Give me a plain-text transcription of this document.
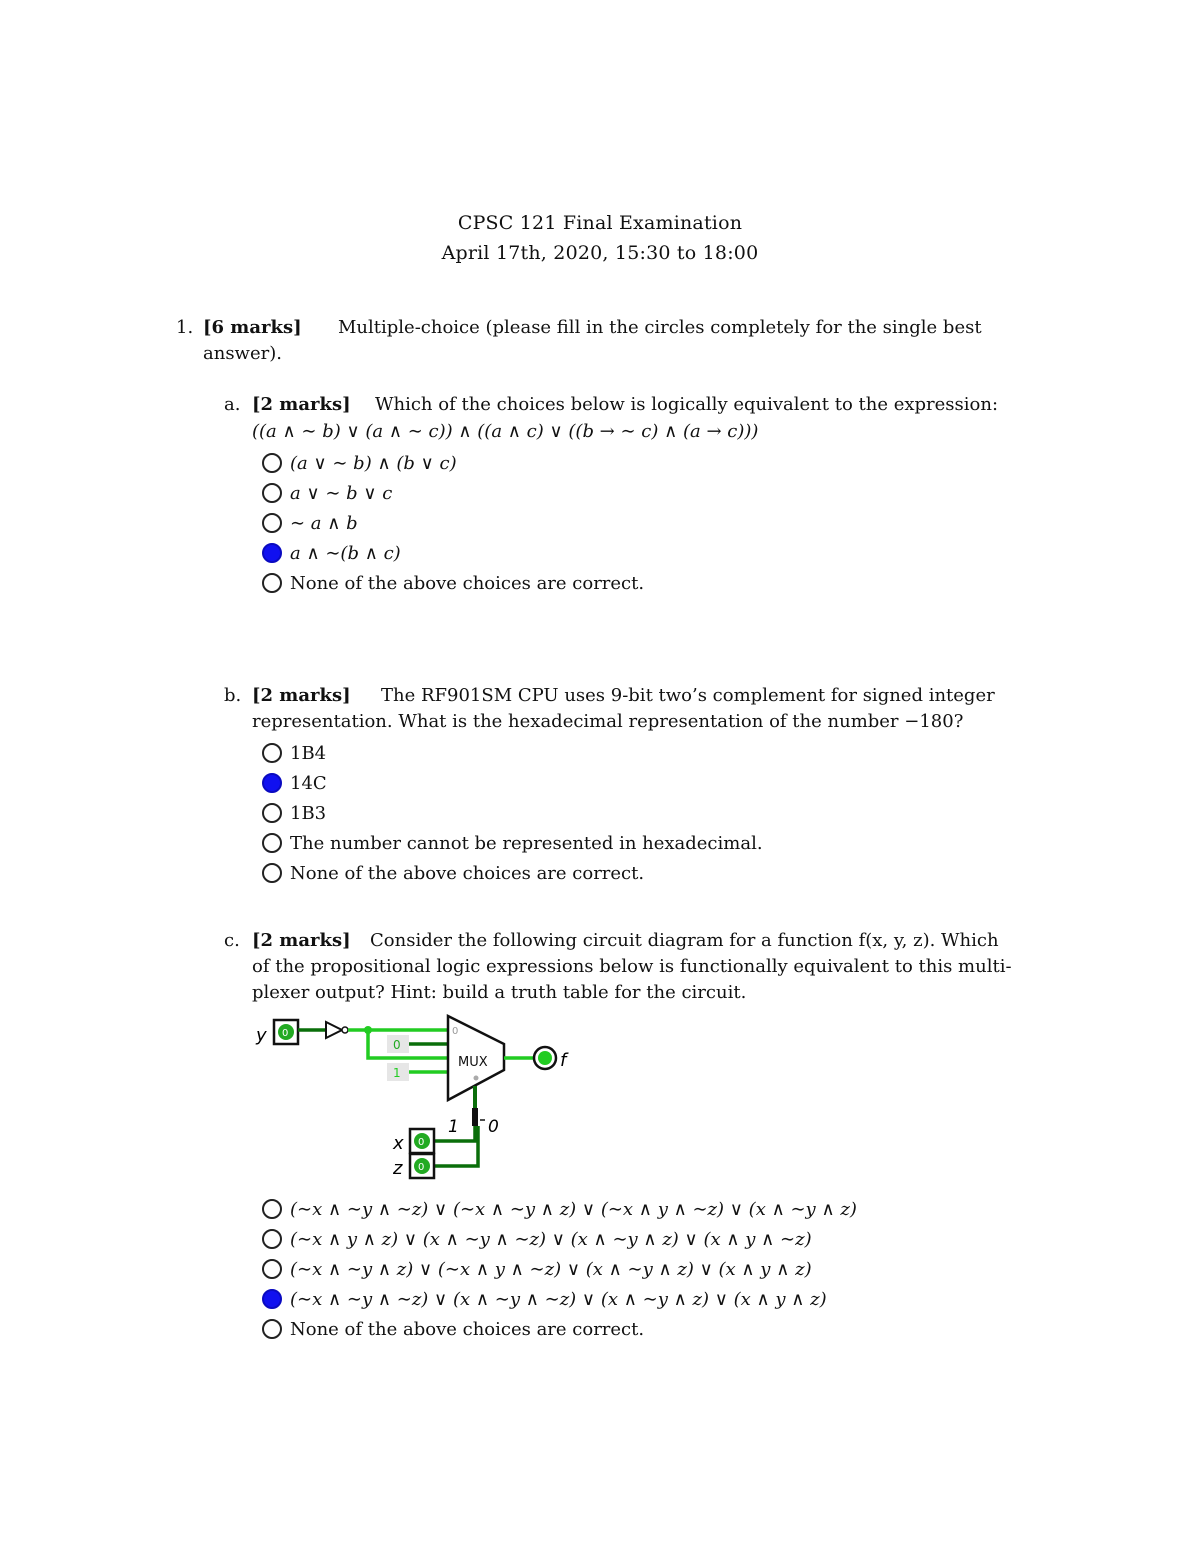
CPSC 121 Final Examination
April 17th, 2020, 15:30 to 18:00
1. [6 marks] Multiple-choice (please fill in the circles completely for the single best
answer).
a. [2 marks] Which of the choices below is logically equivalent to the expression:
((a ∧ ∼ b) ∨ (a ∧ ∼ c)) ∧ ((a ∧ c) ∨ ((b → ∼ c) ∧ (a → c)))
(a ∨ ∼ b) ∧ (b ∨ c)
a ∨ ∼ b ∨ c
∼ a ∧ b
a ∧ ∼(b ∧ c)
None of the above choices are correct.
b. [2 marks] The RF901SM CPU uses 9-bit two’s complement for signed integer
representation. What is the hexadecimal representation of the number −180?
1B4
14C
1B3
The number cannot be represented in hexadecimal.
None of the above choices are correct.
c. [2 marks] Consider the following circuit diagram for a function f(x, y, z). Which
of the propositional logic expressions below is functionally equivalent to this multi-
plexer output? Hint: build a truth table for the circuit.
y 0
0
1
0
MUX	f
1 0
x 0
z 0
(∼x ∧ ∼y ∧ ∼z) ∨ (∼x ∧ ∼y ∧ z) ∨ (∼x ∧ y ∧ ∼z) ∨ (x ∧ ∼y ∧ z)
(∼x ∧ y ∧ z) ∨ (x ∧ ∼y ∧ ∼z) ∨ (x ∧ ∼y ∧ z) ∨ (x ∧ y ∧ ∼z)
(∼x ∧ ∼y ∧ z) ∨ (∼x ∧ y ∧ ∼z) ∨ (x ∧ ∼y ∧ z) ∨ (x ∧ y ∧ z)
(∼x ∧ ∼y ∧ ∼z) ∨ (x ∧ ∼y ∧ ∼z) ∨ (x ∧ ∼y ∧ z) ∨ (x ∧ y ∧ z)
None of the above choices are correct.
